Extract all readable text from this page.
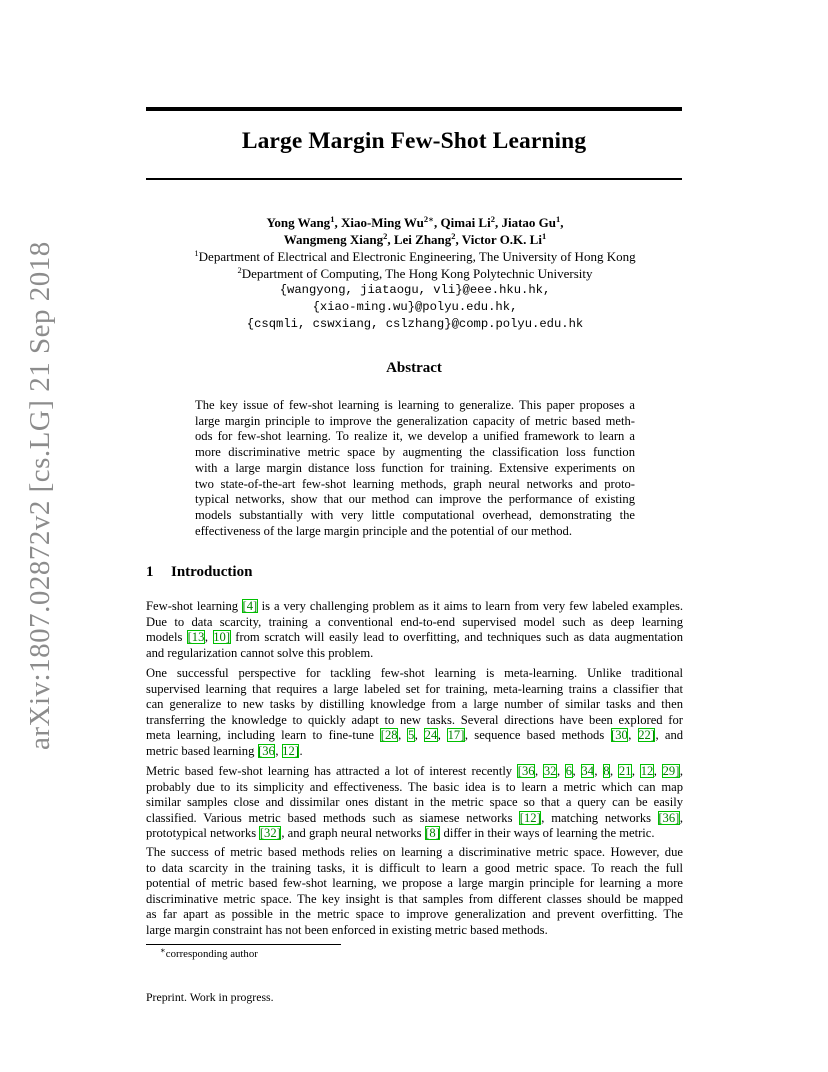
arXiv:1807.02872v2 [cs.LG] 21 Sep 2018
Large Margin Few-Shot Learning
Yong Wang$^1$, Xiao-Ming $Wu^{2∗}$, Qimai Li$^2$, Jiatao Gu$^1$,
Wangmeng Xiang$^2$, Lei Zhang$^2$, Victor O.K. Li$^1$
$^1$Department of Electrical and Electronic Engineering, The University of Hong Kong
$^2$Department of Computing, The Hong Kong Polytechnic University
{wangyong, jiataogu, vli}@eee.hku.hk,
{xiao-ming.wu}@polyu.edu.hk,
{csqmli, cswxiang, cslzhang}@comp.polyu.edu.hk
Abstract
The key issue of few-shot learning is learning to generalize. This paper proposes a
large margin principle to improve the generalization capacity of metric based meth-
ods for few-shot learning. To realize it, we develop a unified framework to learn a
more discriminative metric space by augmenting the classification loss function
with a large margin distance loss function for training. Extensive experiments on
two state-of-the-art few-shot learning methods, graph neural networks and proto-
typical networks, show that our method can improve the performance of existing
models substantially with very little computational overhead, demonstrating the
effectiveness of the large margin principle and the potential of our method.
1 Introduction
Few-shot learning [4] is a very challenging problem as it aims to learn from very few labeled examples.
Due to data scarcity, training a conventional end-to-end supervised model such as deep learning
models [13, 10] from scratch will easily lead to overfitting, and techniques such as data augmentation
and regularization cannot solve this problem.
One successful perspective for tackling few-shot learning is meta-learning. Unlike traditional
supervised learning that requires a large labeled set for training, meta-learning trains a classifier that
can generalize to new tasks by distilling knowledge from a large number of similar tasks and then
transferring the knowledge to quickly adapt to new tasks. Several directions have been explored for
meta learning, including learn to fine-tune [28, 5, 24, 17], sequence based methods [30, 22], and
metric based learning [36, 12].
Metric based few-shot learning has attracted a lot of interest recently [36, 32, 6, 34, 8, 21, 12, 29],
probably due to its simplicity and effectiveness. The basic idea is to learn a metric which can map
similar samples close and dissimilar ones distant in the metric space so that a query can be easily
classified. Various metric based methods such as siamese networks [12], matching networks [36],
prototypical networks [32], and graph neural networks [8] differ in their ways of learning the metric.
The success of metric based methods relies on learning a discriminative metric space. However, due
to data scarcity in the training tasks, it is difficult to learn a good metric space. To reach the full
potential of metric based few-shot learning, we propose a large margin principle for learning a more
discriminative metric space. The key insight is that samples from different classes should be mapped
as far apart as possible in the metric space to improve generalization and prevent overfitting. The
large margin constraint has not been enforced in existing metric based methods.
∗corresponding author
Preprint. Work in progress.
